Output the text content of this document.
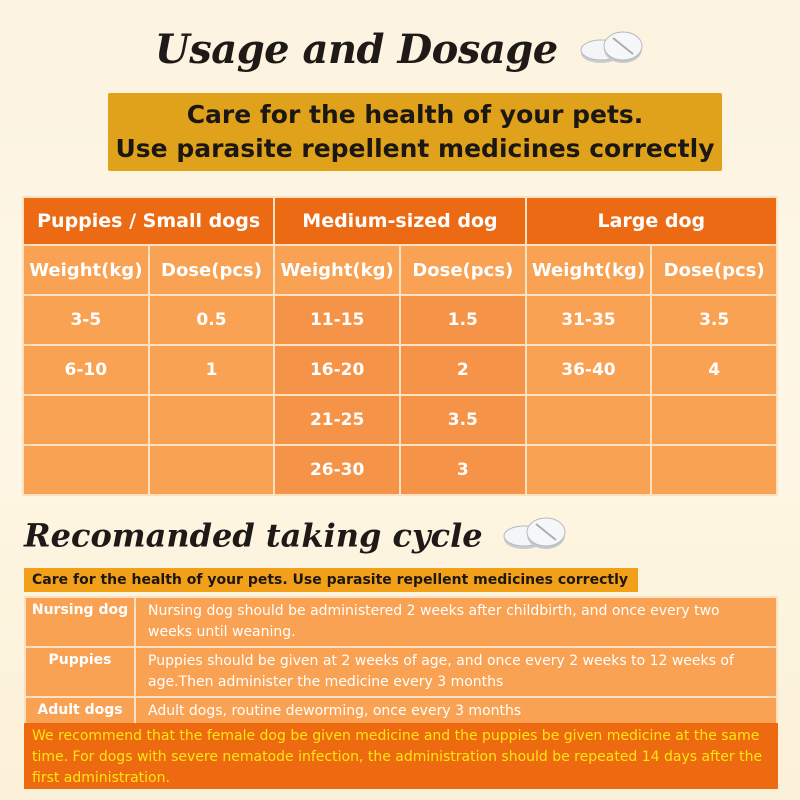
Usage and Dosage
Care for the health of your pets.
Use parasite repellent medicines correctly
Puppies / Small dogs		Medium-sized dog		Large dog	
Weight(kg)	Dose(pcs)	Weight(kg)	Dose(pcs)	Weight(kg)	Dose(pcs)
3-5	0.5	11-15	1.5	31-35	3.5
6-10	1	16-20	2	36-40	4
		21-25	3.5		
		26-30	3		
Recomanded taking cycle
Care for the health of your pets. Use parasite repellent medicines correctly
Nursing dog	Nursing dog should be administered 2 weeks after childbirth, and once every two weeks until weaning.
Puppies	Puppies should be given at 2 weeks of age, and once every 2 weeks to 12 weeks of age.Then administer the medicine every 3 months
Adult dogs	Adult dogs, routine deworming, once every 3 months
We recommend that the female dog be given medicine and the puppies be given medicine at the same time. For dogs with severe nematode infection, the administration should be repeated 14 days after the first administration.
